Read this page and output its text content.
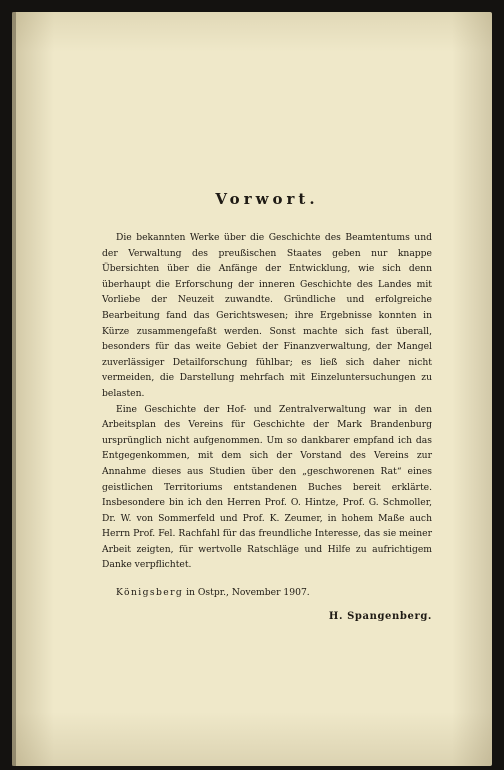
Vorwort.

Die bekannten Werke über die Geschichte des Beamtentums und der Verwaltung des preußischen Staates geben nur knappe Übersichten über die Anfänge der Entwicklung, wie sich denn überhaupt die Erforschung der inneren Geschichte des Landes mit Vorliebe der Neuzeit zuwandte. Gründliche und erfolgreiche Bearbeitung fand das Gerichtswesen; ihre Ergebnisse konnten in Kürze zusammengefaßt werden. Sonst machte sich fast überall, besonders für das weite Gebiet der Finanzverwaltung, der Mangel zuverlässiger Detailforschung fühlbar; es ließ sich daher nicht vermeiden, die Darstellung mehrfach mit Einzeluntersuchungen zu belasten.

Eine Geschichte der Hof- und Zentralverwaltung war in den Arbeitsplan des Vereins für Geschichte der Mark Brandenburg ursprünglich nicht aufgenommen. Um so dankbarer empfand ich das Entgegenkommen, mit dem sich der Vorstand des Vereins zur Annahme dieses aus Studien über den „geschworenen Rat“ eines geistlichen Territoriums entstandenen Buches bereit erklärte. Insbesondere bin ich den Herren Prof. O. Hintze, Prof. G. Schmoller, Dr. W. von Sommerfeld und Prof. K. Zeumer, in hohem Maße auch Herrn Prof. Fel. Rachfahl für das freundliche Interesse, das sie meiner Arbeit zeigten, für wertvolle Ratschläge und Hilfe zu aufrichtigem Danke verpflichtet.

Königsberg in Ostpr., November 1907.

H. Spangenberg.
